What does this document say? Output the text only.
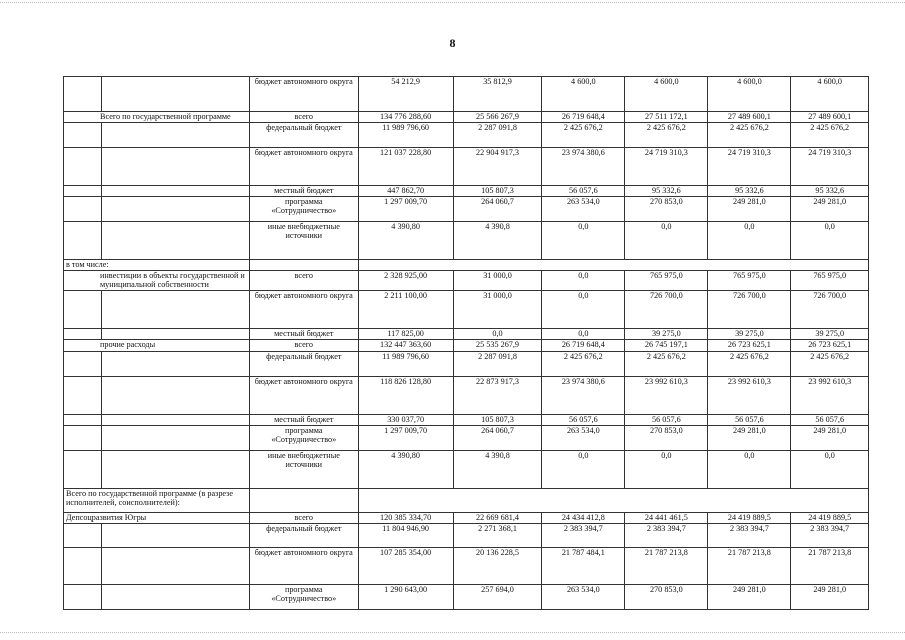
8
		бюджет автономного округа	54 212,9	35 812,9	4 600,0	4 600,0	4 600,0	4 600,0
Всего по государственной программе		всего	134 776 288,60	25 566 267,9	26 719 648,4	27 511 172,1	27 489 600,1	27 489 600,1
		федеральный бюджет	11 989 796,60	2 287 091,8	2 425 676,2	2 425 676,2	2 425 676,2	2 425 676,2
		бюджет автономного округа	121 037 228,80	22 904 917,3	23 974 380,6	24 719 310,3	24 719 310,3	24 719 310,3
		местный бюджет	447 862,70	105 807,3	56 057,6	95 332,6	95 332,6	95 332,6
		программа «Сотрудничество»	1 297 009,70	264 060,7	263 534,0	270 853,0	249 281,0	249 281,0
		иные внебюджетные источники	4 390,80	4 390,8	0,0	0,0	0,0	0,0
в том числе:								
инвестиции в объекты государственной и муниципальной собственности		всего	2 328 925,00	31 000,0	0,0	765 975,0	765 975,0	765 975,0
		бюджет автономного округа	2 211 100,00	31 000,0	0,0	726 700,0	726 700,0	726 700,0
		местный бюджет	117 825,00	0,0	0,0	39 275,0	39 275,0	39 275,0
прочие расходы		всего	132 447 363,60	25 535 267,9	26 719 648,4	26 745 197,1	26 723 625,1	26 723 625,1
		федеральный бюджет	11 989 796,60	2 287 091,8	2 425 676,2	2 425 676,2	2 425 676,2	2 425 676,2
		бюджет автономного округа	118 826 128,80	22 873 917,3	23 974 380,6	23 992 610,3	23 992 610,3	23 992 610,3
		местный бюджет	330 037,70	105 807,3	56 057,6	56 057,6	56 057,6	56 057,6
		программа «Сотрудничество»	1 297 009,70	264 060,7	263 534,0	270 853,0	249 281,0	249 281,0
		иные внебюджетные источники	4 390,80	4 390,8	0,0	0,0	0,0	0,0
Всего по государственной программе (в разрезе исполнителей, соисполнителей):								
Депсоцразвития Югры		всего	120 385 334,70	22 669 681,4	24 434 412,8	24 441 461,5	24 419 889,5	24 419 889,5
		федеральный бюджет	11 804 946,90	2 271 368,1	2 383 394,7	2 383 394,7	2 383 394,7	2 383 394,7
		бюджет автономного округа	107 285 354,00	20 136 228,5	21 787 484,1	21 787 213,8	21 787 213,8	21 787 213,8
		программа «Сотрудничество»	1 290 643,00	257 694,0	263 534,0	270 853,0	249 281,0	249 281,0
